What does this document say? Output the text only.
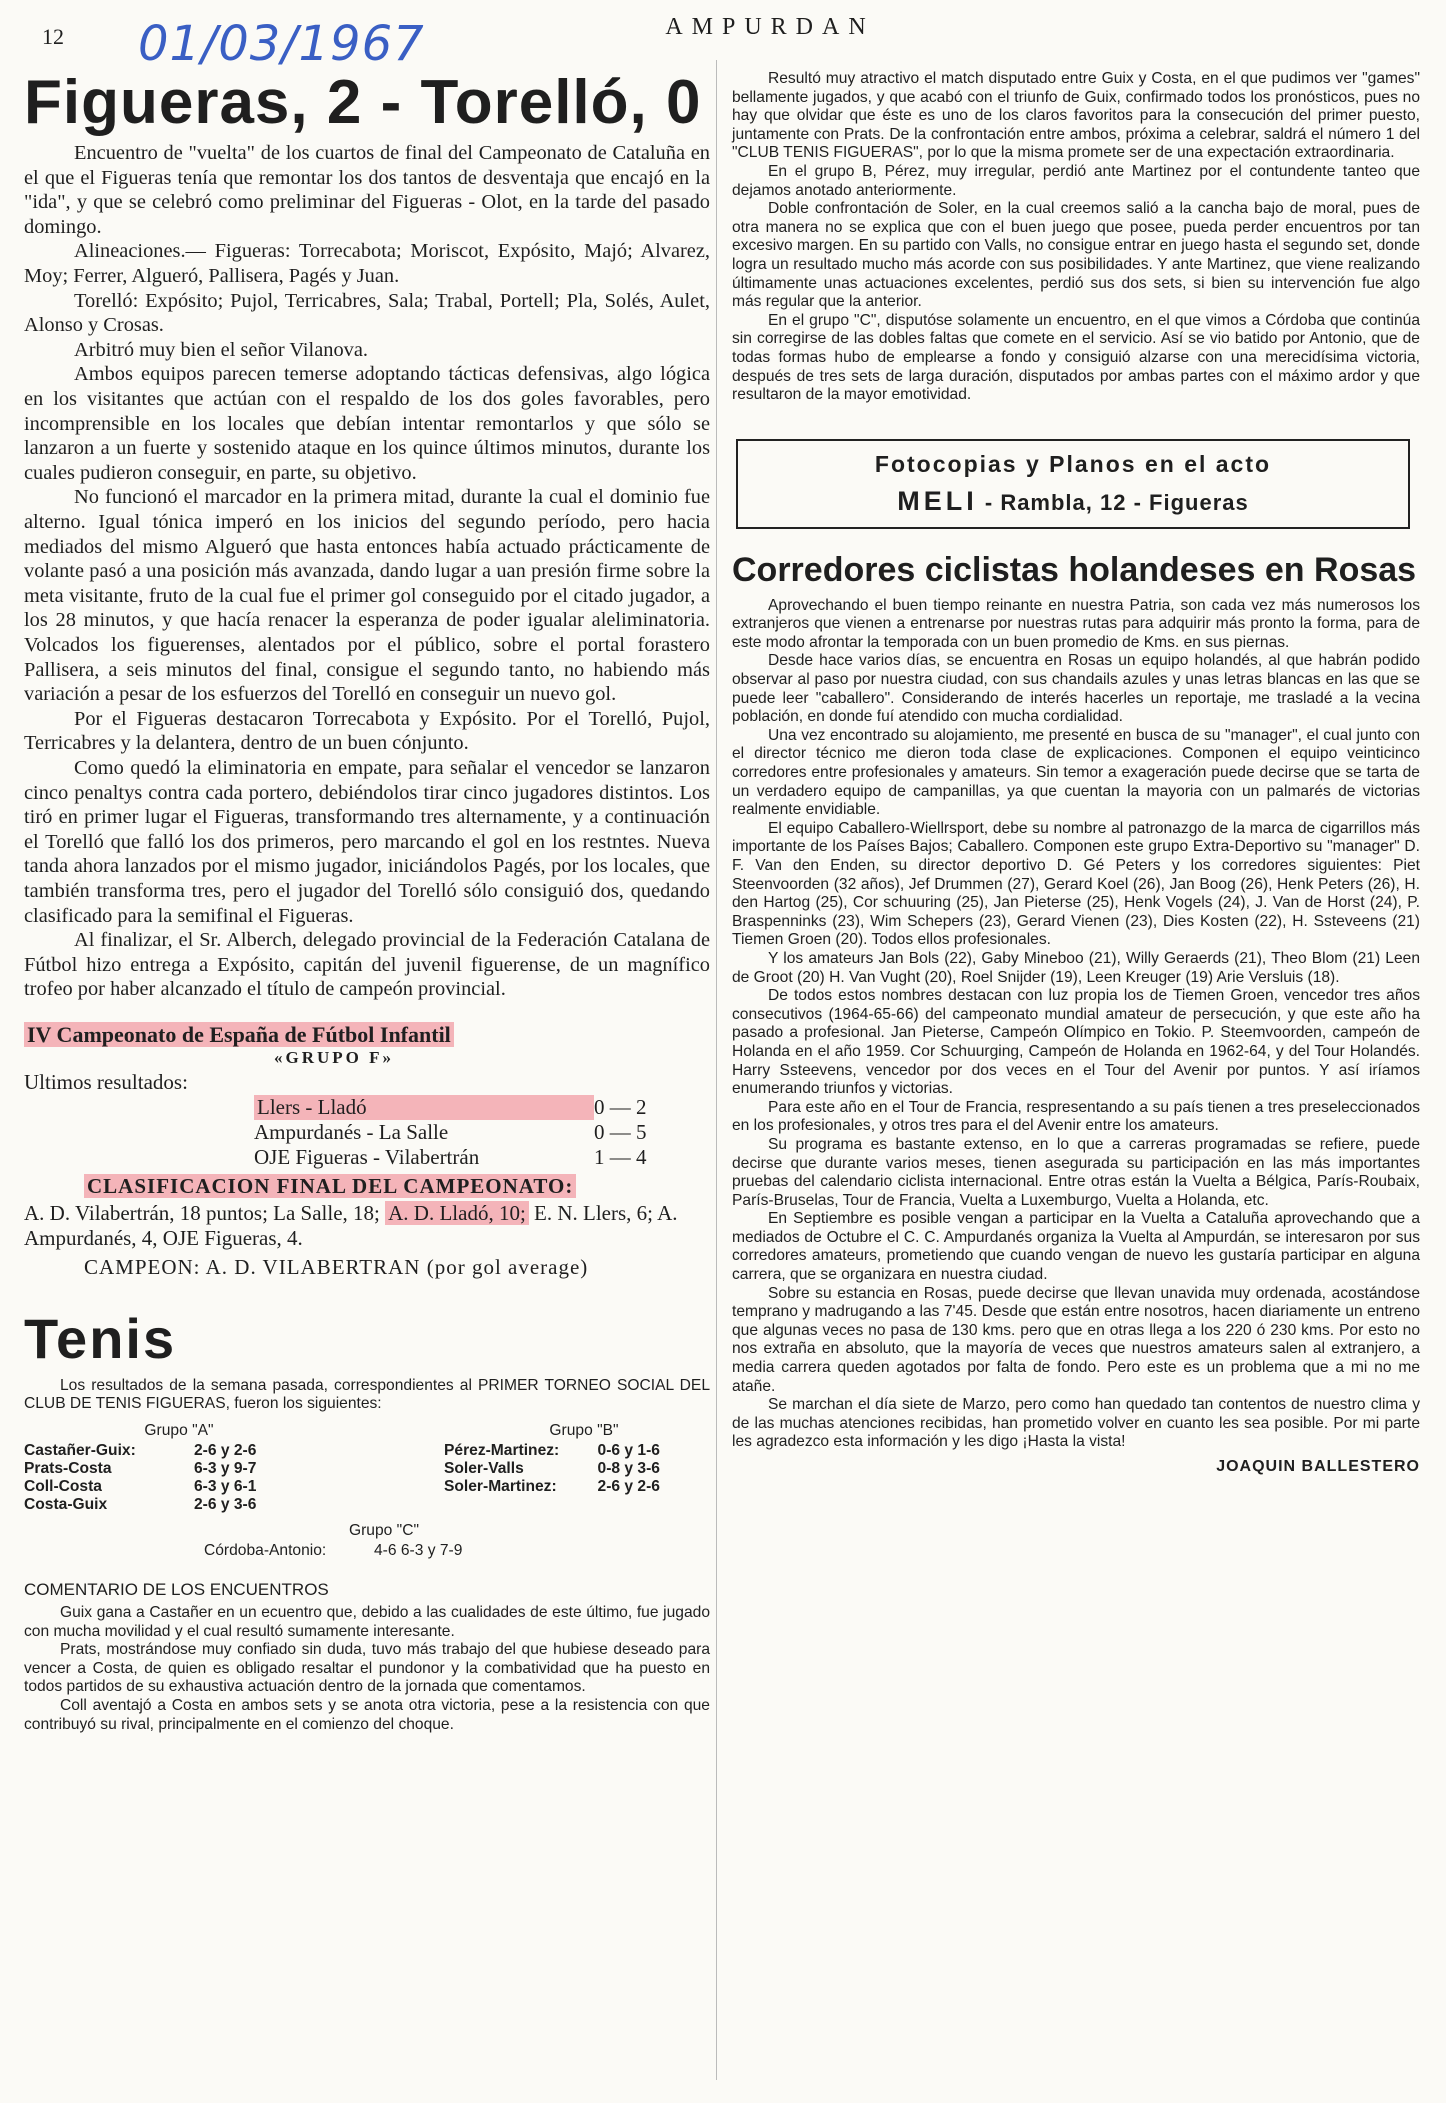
12 01/03/1967	AMPURDAN
Figueras, 2 - Torelló, 0

Encuentro de "vuelta" de los cuartos de final del Campeonato de Cataluña en el que el Figueras tenía que remontar los dos tantos de desventaja que encajó en la "ida", y que se celebró como preliminar del Figueras - Olot, en la tarde del pasado domingo.

Alineaciones.— Figueras: Torrecabota; Moriscot, Expósito, Majó; Alvarez, Moy; Ferrer, Algueró, Pallisera, Pagés y Juan.

Torelló: Expósito; Pujol, Terricabres, Sala; Trabal, Portell; Pla, Solés, Aulet, Alonso y Crosas.

Arbitró muy bien el señor Vilanova.

Ambos equipos parecen temerse adoptando tácticas defensivas, algo lógica en los visitantes que actúan con el respaldo de los dos goles favorables, pero incomprensible en los locales que debían intentar remontarlos y que sólo se lanzaron a un fuerte y sostenido ataque en los quince últimos minutos, durante los cuales pudieron conseguir, en parte, su objetivo.

No funcionó el marcador en la primera mitad, durante la cual el dominio fue alterno. Igual tónica imperó en los inicios del segundo período, pero hacia mediados del mismo Algueró que hasta entonces había actuado prácticamente de volante pasó a una posición más avanzada, dando lugar a uan presión firme sobre la meta visitante, fruto de la cual fue el primer gol conseguido por el citado jugador, a los 28 minutos, y que hacía renacer la esperanza de poder igualar aleliminatoria. Volcados los figuerenses, alentados por el público, sobre el portal forastero Pallisera, a seis minutos del final, consigue el segundo tanto, no habiendo más variación a pesar de los esfuerzos del Torelló en conseguir un nuevo gol.

Por el Figueras destacaron Torrecabota y Expósito. Por el Torelló, Pujol, Terricabres y la delantera, dentro de un buen cónjunto.

Como quedó la eliminatoria en empate, para señalar el vencedor se lanzaron cinco penaltys contra cada portero, debiéndolos tirar cinco jugadores distintos. Los tiró en primer lugar el Figueras, transformando tres alternamente, y a continuación el Torelló que falló los dos primeros, pero marcando el gol en los restntes. Nueva tanda ahora lanzados por el mismo jugador, iniciándolos Pagés, por los locales, que también transforma tres, pero el jugador del Torelló sólo consiguió dos, quedando clasificado para la semifinal el Figueras.

Al finalizar, el Sr. Alberch, delegado provincial de la Federación Catalana de Fútbol hizo entrega a Expósito, capitán del juvenil figuerense, de un magnífico trofeo por haber alcanzado el título de campeón provincial.

IV Campeonato de España de Fútbol Infantil
«GRUPO F»
Ultimos resultados:
Llers - Lladó	0 — 2
Ampurdanés - La Salle	0 — 5
OJE Figueras - Vilabertrán	1 — 4
CLASIFICACION FINAL DEL CAMPEONATO:
A. D. Vilabertrán, 18 puntos; La Salle, 18; A. D. Lladó, 10; E. N. Llers, 6; A. Ampurdanés, 4, OJE Figueras, 4.
CAMPEON: A. D. VILABERTRAN (por gol average)
Tenis

Los resultados de la semana pasada, correspondientes al PRIMER TORNEO SOCIAL DEL CLUB DE TENIS FIGUERAS, fueron los siguientes:

Grupo "A"
Castañer-Guix:	2-6 y 2-6
Prats-Costa	6-3 y 9-7
Coll-Costa	6-3 y 6-1
Costa-Guix	2-6 y 3-6
Grupo "B"
Pérez-Martinez:	0-6 y 1-6
Soler-Valls	0-8 y 3-6
Soler-Martinez:	2-6 y 2-6
Grupo "C"
Córdoba-Antonio:	4-6 6-3 y 7-9
COMENTARIO DE LOS ENCUENTROS

Guix gana a Castañer en un ecuentro que, debido a las cualidades de este último, fue jugado con mucha movilidad y el cual resultó sumamente interesante.

Prats, mostrándose muy confiado sin duda, tuvo más trabajo del que hubiese deseado para vencer a Costa, de quien es obligado resaltar el pundonor y la combatividad que ha puesto en todos partidos de su exhaustiva actuación dentro de la jornada que comentamos.

Coll aventajó a Costa en ambos sets y se anota otra victoria, pese a la resistencia con que contribuyó su rival, principalmente en el comienzo del choque.

Resultó muy atractivo el match disputado entre Guix y Costa, en el que pudimos ver "games" bellamente jugados, y que acabó con el triunfo de Guix, confirmado todos los pronósticos, pues no hay que olvidar que éste es uno de los claros favoritos para la consecución del primer puesto, juntamente con Prats. De la confrontación entre ambos, próxima a celebrar, saldrá el número 1 del "CLUB TENIS FIGUERAS", por lo que la misma promete ser de una expectación extraordinaria.

En el grupo B, Pérez, muy irregular, perdió ante Martinez por el contundente tanteo que dejamos anotado anteriormente.

Doble confrontación de Soler, en la cual creemos salió a la cancha bajo de moral, pues de otra manera no se explica que con el buen juego que posee, pueda perder encuentros por tan excesivo margen. En su partido con Valls, no consigue entrar en juego hasta el segundo set, donde logra un resultado mucho más acorde con sus posibilidades. Y ante Martinez, que viene realizando últimamente unas actuaciones excelentes, perdió sus dos sets, si bien su intervención fue algo más regular que la anterior.

En el grupo "C", disputóse solamente un encuentro, en el que vimos a Córdoba que continúa sin corregirse de las dobles faltas que comete en el servicio. Así se vio batido por Antonio, que de todas formas hubo de emplearse a fondo y consiguió alzarse con una merecidísima victoria, después de tres sets de larga duración, disputados por ambas partes con el máximo ardor y que resultaron de la mayor emotividad.

Fotocopias y Planos en el acto
MELI - Rambla, 12 - Figueras
Corredores ciclistas holandeses en Rosas

Aprovechando el buen tiempo reinante en nuestra Patria, son cada vez más numerosos los extranjeros que vienen a entrenarse por nuestras rutas para adquirir más pronto la forma, para de este modo afrontar la temporada con un buen promedio de Kms. en sus piernas.

Desde hace varios días, se encuentra en Rosas un equipo holandés, al que habrán podido observar al paso por nuestra ciudad, con sus chandails azules y unas letras blancas en las que se puede leer "caballero". Considerando de interés hacerles un reportaje, me trasladé a la vecina población, en donde fuí atendido con mucha cordialidad.

Una vez encontrado su alojamiento, me presenté en busca de su "manager", el cual junto con el director técnico me dieron toda clase de explicaciones. Componen el equipo veinticinco corredores entre profesionales y amateurs. Sin temor a exageración puede decirse que se tarta de un verdadero equipo de campanillas, ya que cuentan la mayoria con un palmarés de victorias realmente envidiable.

El equipo Caballero-Wiellrsport, debe su nombre al patronazgo de la marca de cigarrillos más importante de los Países Bajos; Caballero. Componen este grupo Extra-Deportivo su "manager" D. F. Van den Enden, su director deportivo D. Gé Peters y los corredores siguientes: Piet Steenvoorden (32 años), Jef Drummen (27), Gerard Koel (26), Jan Boog (26), Henk Peters (26), H. den Hartog (25), Cor schuuring (25), Jan Pieterse (25), Henk Vogels (24), J. Van de Horst (24), P. Braspenninks (23), Wim Schepers (23), Gerard Vienen (23), Dies Kosten (22), H. Ssteveens (21) Tiemen Groen (20). Todos ellos profesionales.

Y los amateurs Jan Bols (22), Gaby Mineboo (21), Willy Geraerds (21), Theo Blom (21) Leen de Groot (20) H. Van Vught (20), Roel Snijder (19), Leen Kreuger (19) Arie Versluis (18).

De todos estos nombres destacan con luz propia los de Tiemen Groen, vencedor tres años consecutivos (1964-65-66) del campeonato mundial amateur de persecución, y que este año ha pasado a profesional. Jan Pieterse, Campeón Olímpico en Tokio. P. Steemvoorden, campeón de Holanda en el año 1959. Cor Schuurging, Campeón de Holanda en 1962-64, y del Tour Holandés. Harry Ssteevens, vencedor por dos veces en el Tour del Avenir por puntos. Y así iríamos enumerando triunfos y victorias.

Para este año en el Tour de Francia, respresentando a su país tienen a tres preseleccionados en los profesionales, y otros tres para el del Avenir entre los amateurs.

Su programa es bastante extenso, en lo que a carreras programadas se refiere, puede decirse que durante varios meses, tienen asegurada su participación en las más importantes pruebas del calendario ciclista internacional. Entre otras están la Vuelta a Bélgica, París-Roubaix, París-Bruselas, Tour de Francia, Vuelta a Luxemburgo, Vuelta a Holanda, etc.

En Septiembre es posible vengan a participar en la Vuelta a Cataluña aprovechando que a mediados de Octubre el C. C. Ampurdanés organiza la Vuelta al Ampurdán, se interesaron por sus corredores amateurs, prometiendo que cuando vengan de nuevo les gustaría participar en alguna carrera, que se organizara en nuestra ciudad.

Sobre su estancia en Rosas, puede decirse que llevan unavida muy ordenada, acostándose temprano y madrugando a las 7'45. Desde que están entre nosotros, hacen diariamente un entreno que algunas veces no pasa de 130 kms. pero que en otras llega a los 220 ó 230 kms. Por esto no nos extraña en absoluto, que la mayoría de veces que nuestros amateurs salen al extranjero, a media carrera queden agotados por falta de fondo. Pero este es un problema que a mi no me atañe.

Se marchan el día siete de Marzo, pero como han quedado tan contentos de nuestro clima y de las muchas atenciones recibidas, han prometido volver en cuanto les sea posible. Por mi parte les agradezco esta información y les digo ¡Hasta la vista!

JOAQUIN BALLESTERO
